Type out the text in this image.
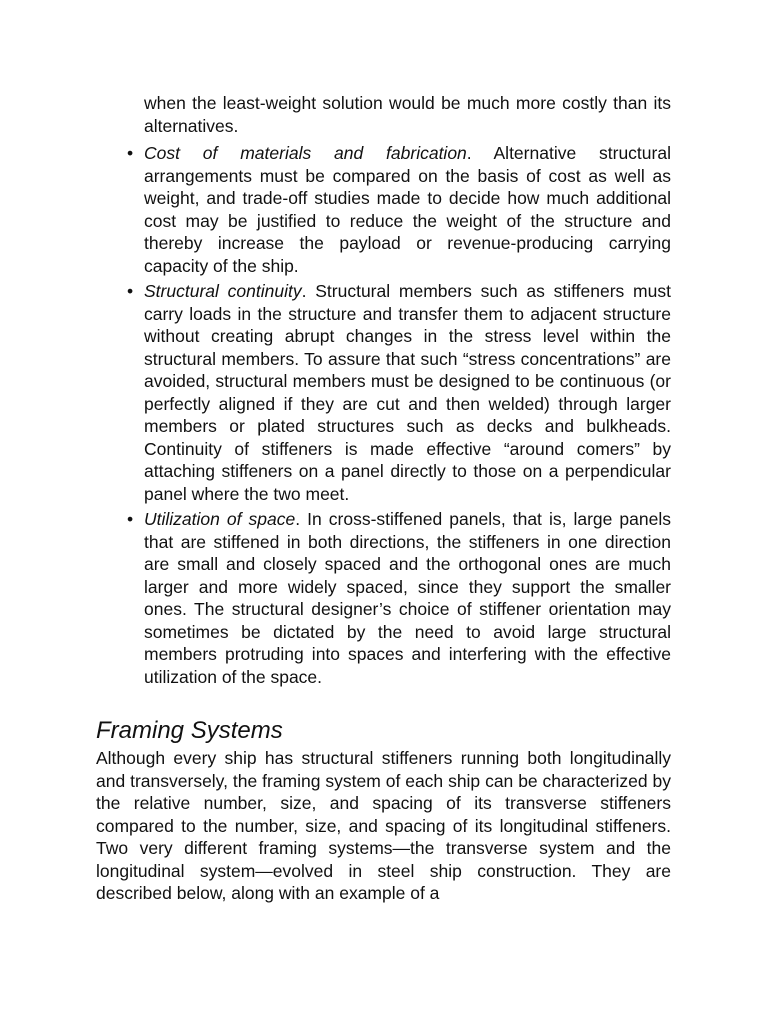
when the least-weight solution would be much more costly than its alternatives.

• Cost of materials and fabrication. Alternative structural arrangements must be compared on the basis of cost as well as weight, and trade-off studies made to decide how much additional cost may be justified to reduce the weight of the structure and thereby increase the payload or revenue-producing carrying capacity of the ship.
• Structural continuity. Structural members such as stiffeners must carry loads in the structure and transfer them to adjacent structure without creating abrupt changes in the stress level within the structural members. To assure that such “stress concentrations” are avoided, structural members must be designed to be continuous (or perfectly aligned if they are cut and then welded) through larger members or plated structures such as decks and bulkheads. Continuity of stiffeners is made effective “around comers” by attaching stiffeners on a panel directly to those on a perpendicular panel where the two meet.
• Utilization of space. In cross-stiffened panels, that is, large panels that are stiffened in both directions, the stiffeners in one direction are small and closely spaced and the orthogonal ones are much larger and more widely spaced, since they support the smaller ones. The structural designer’s choice of stiffener orientation may sometimes be dictated by the need to avoid large structural members protruding into spaces and interfering with the effective utilization of the space.
Framing Systems

Although every ship has structural stiffeners running both longitudinally and transversely, the framing system of each ship can be characterized by the relative number, size, and spacing of its transverse stiffeners compared to the number, size, and spacing of its longitudinal stiffeners. Two very different framing systems—the transverse system and the longitudinal system—evolved in steel ship construction. They are described below, along with an example of a
